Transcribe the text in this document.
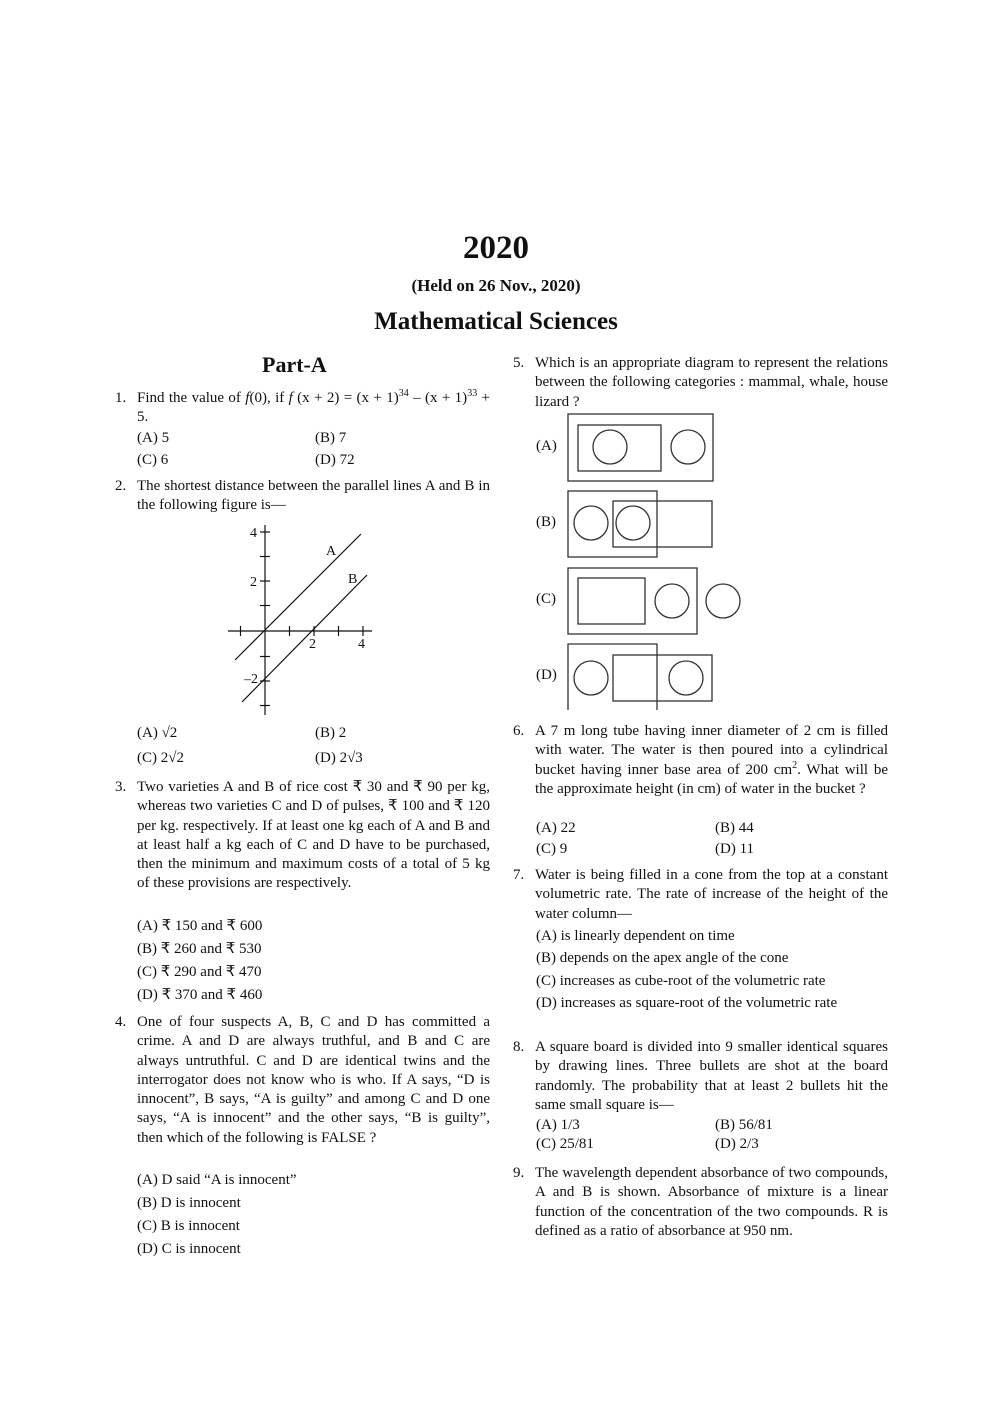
2020
(Held on 26 Nov., 2020)
Mathematical Sciences
Part-A
1. Find the value of f(0), if f $(x + 2) = (x + 1)^{34} - (x + 1)^{33} + 5$.
(A) 5	(B) 7
(C) 6	(D) 72
2. The shortest distance between the parallel lines A and B in the following figure is—
4
2
–2
2	4
A
B
(A) √2	(B) 2
(C) 2√2	(D) 2√3
3. Two varieties A and B of rice cost ₹ 30 and ₹ 90 per kg, whereas two varieties C and D of pulses, ₹ 100 and ₹ 120 per kg. respectively. If at least one kg each of A and B and at least half a kg each of C and D have to be purchased, then the minimum and maximum costs of a total of 5 kg of these provisions are respectively.
(A) ₹ 150 and ₹ 600
(B) ₹ 260 and ₹ 530
(C) ₹ 290 and ₹ 470
(D) ₹ 370 and ₹ 460
4. One of four suspects A, B, C and D has committed a crime. A and D are always truthful, and B and C are always untruthful. C and D are identical twins and the interrogator does not know who is who. If A says, “D is innocent”, B says, “A is guilty” and among C and D one says, “A is innocent” and the other says, “B is guilty”, then which of the following is FALSE ?
(A) D said “A is innocent”
(B) D is innocent
(C) B is innocent
(D) C is innocent
5. Which is an appropriate diagram to represent the relations between the following categories : mammal, whale, house lizard ?
(A)
(B)
(C)
(D)
6. A 7 m long tube having inner diameter of 2 cm is filled with water. The water is then poured into a cylindrical bucket having inner base area of 200 $cm^2$. What will be the approximate height (in cm) of water in the bucket ?
(A) 22	(B) 44
(C) 9	(D) 11
7. Water is being filled in a cone from the top at a constant volumetric rate. The rate of increase of the height of the water column—
(A) is linearly dependent on time
(B) depends on the apex angle of the cone
(C) increases as cube-root of the volumetric rate
(D) increases as square-root of the volumetric rate
8. A square board is divided into 9 smaller identical squares by drawing lines. Three bullets are shot at the board randomly. The probability that at least 2 bullets hit the same small square is—
(A) 1/3	(B) 56/81
(C) 25/81	(D) 2/3
9. The wavelength dependent absorbance of two compounds, A and B is shown. Absorbance of mixture is a linear function of the concentration of the two compounds. R is defined as a ratio of absorbance at 950 nm.
